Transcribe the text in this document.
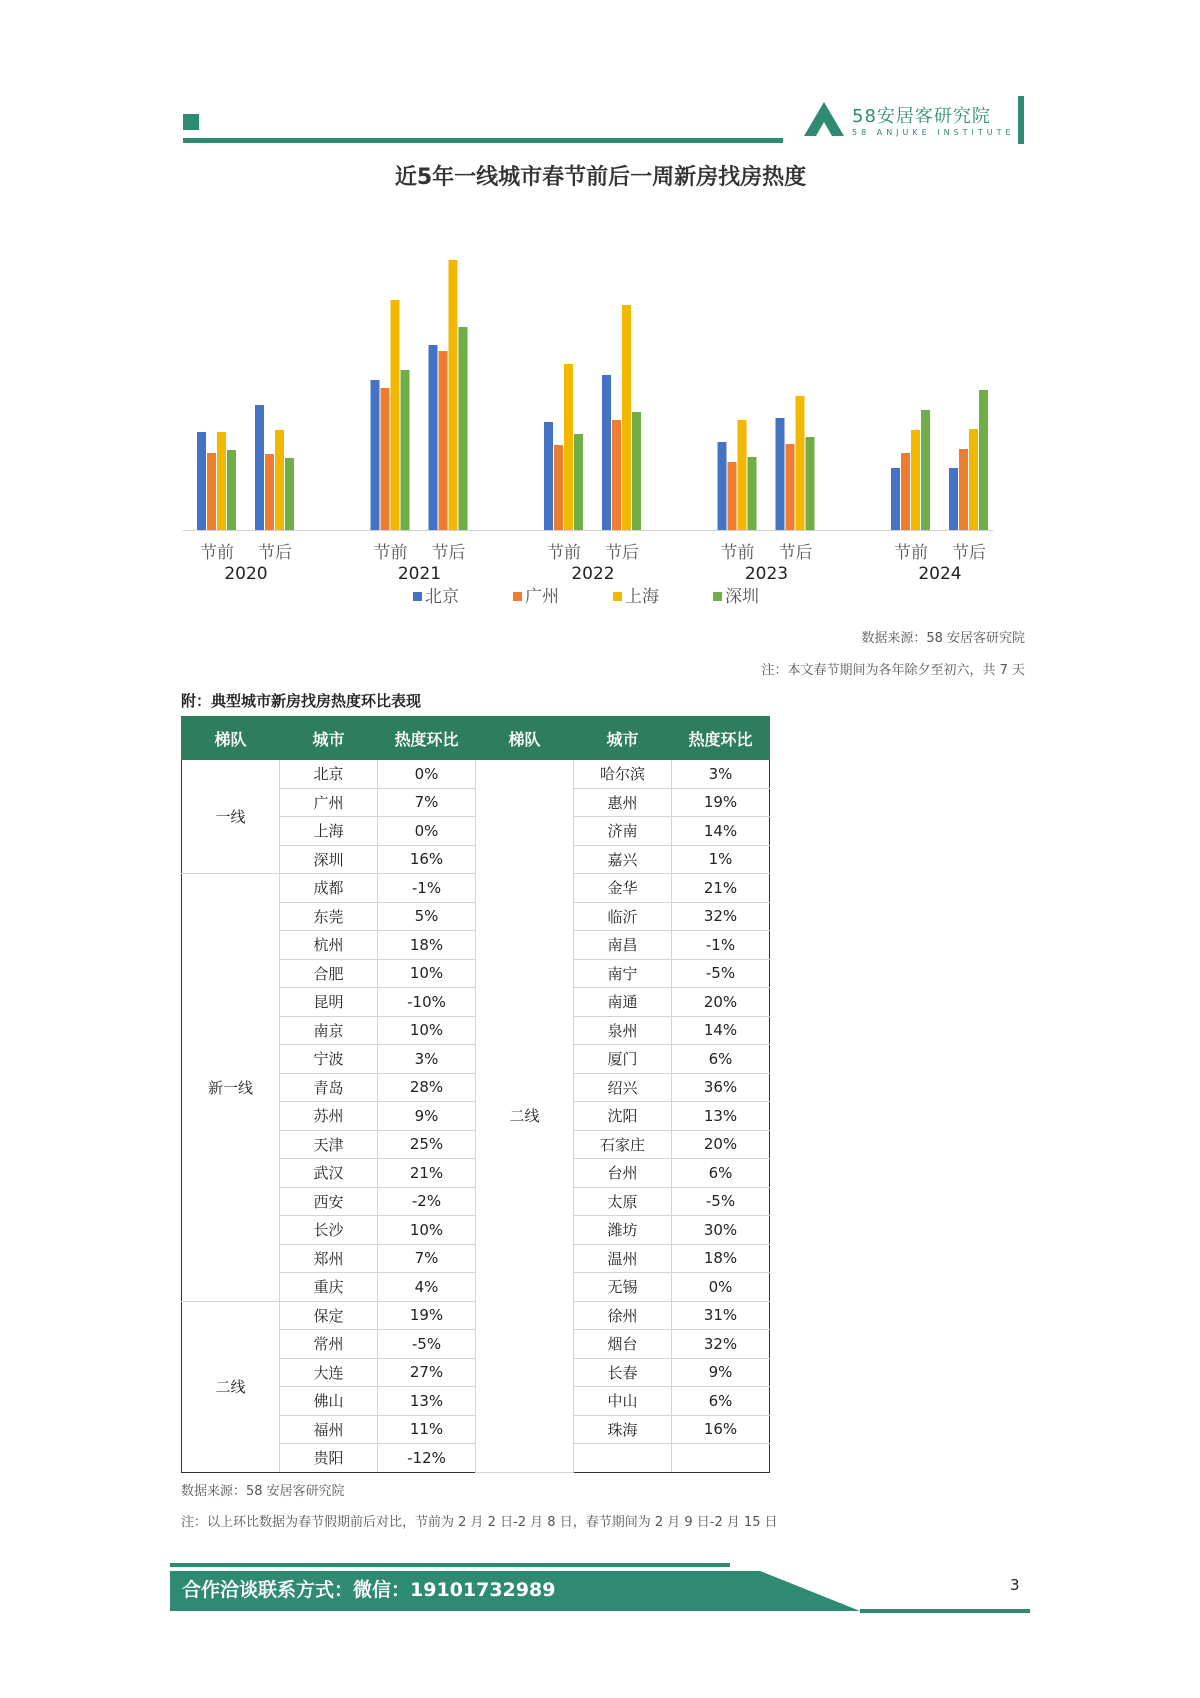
58安居客研究院
58 ANJUKE INSTITUTE
近5年一线城市春节前后一周新房找房热度
节前 节后	节前 节后	节前 节后	节前 节后	节前 节后
2020	2021	2022	2023	2024
北京	广州	上海	深圳
数据来源：58 安居客研究院
注：本文春节期间为各年除夕至初六，共 7 天
附：典型城市新房找房热度环比表现
梯队	城市	热度环比	梯队	城市	热度环比
一线	北京	0%	二线	哈尔滨	3%
	广州	7%		惠州	19%
	上海	0%		济南	14%
	深圳	16%		嘉兴	1%
新一线	成都	-1%		金华	21%
	东莞	5%		临沂	32%
	杭州	18%		南昌	-1%
	合肥	10%		南宁	-5%
	昆明	-10%		南通	20%
	南京	10%		泉州	14%
	宁波	3%		厦门	6%
	青岛	28%		绍兴	36%
	苏州	9%		沈阳	13%
	天津	25%		石家庄	20%
	武汉	21%		台州	6%
	西安	-2%		太原	-5%
	长沙	10%		潍坊	30%
	郑州	7%		温州	18%
	重庆	4%		无锡	0%
二线	保定	19%		徐州	31%
	常州	-5%		烟台	32%
	大连	27%		长春	9%
	佛山	13%		中山	6%
	福州	11%		珠海	16%
	贵阳	-12%			
数据来源：58 安居客研究院
注：以上环比数据为春节假期前后对比，节前为 2 月 2 日-2 月 8 日，春节期间为 2 月 9 日-2 月 15 日
合作洽谈联系方式：微信：19101732989	3
